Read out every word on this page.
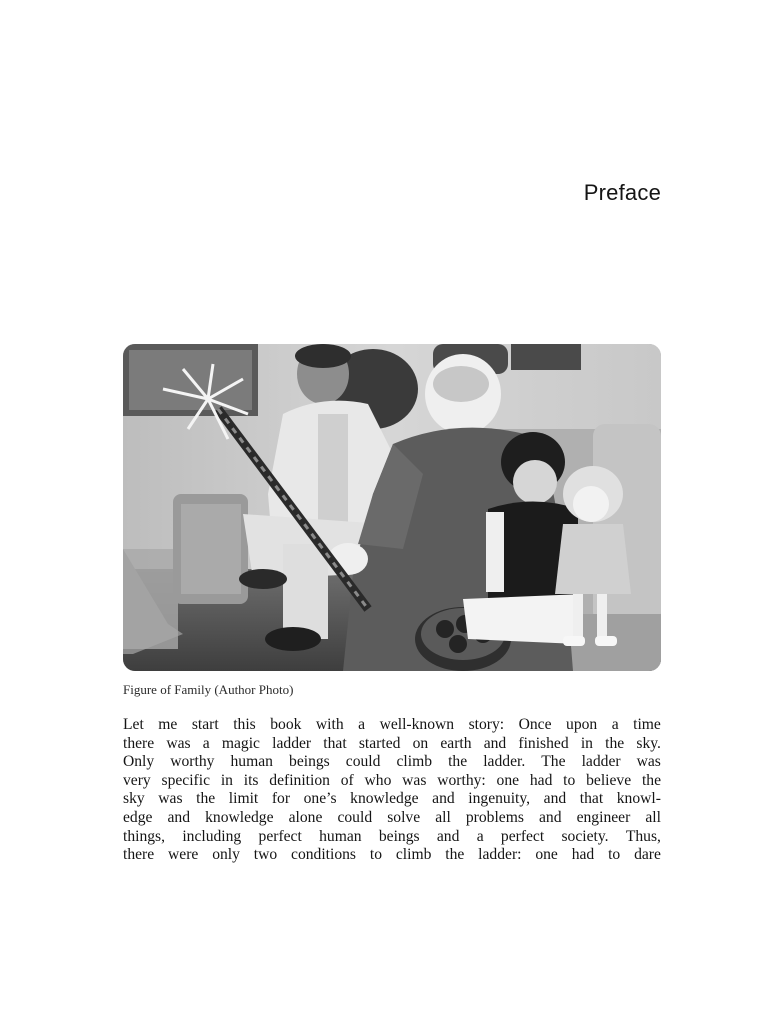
Preface
Figure of Family (Author Photo)
Let me start this book with a well-known story: Once upon a time
there was a magic ladder that started on earth and finished in the sky.
Only worthy human beings could climb the ladder. The ladder was
very specific in its definition of who was worthy: one had to believe the
sky was the limit for one’s knowledge and ingenuity, and that knowl-
edge and knowledge alone could solve all problems and engineer all
things, including perfect human beings and a perfect society. Thus,
there were only two conditions to climb the ladder: one had to dare
